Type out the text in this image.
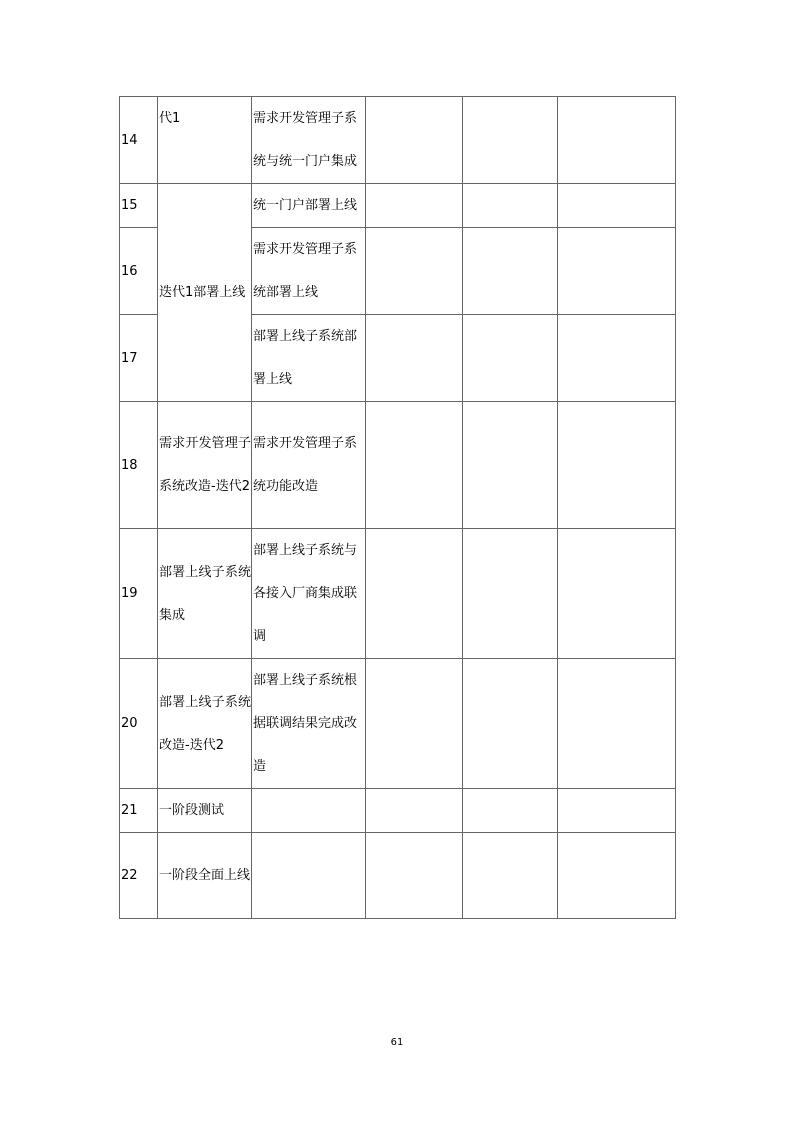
14	代1	需求开发管理子系统与统一门户集成			
15	迭代1部署上线	统一门户部署上线			
16		需求开发管理子系统部署上线			
17		部署上线子系统部署上线			
18	需求开发管理子系统改造-迭代2	需求开发管理子系统功能改造			
19	部署上线子系统集成	部署上线子系统与各接入厂商集成联调			
20	部署上线子系统改造-迭代2	部署上线子系统根据联调结果完成改造			
21	一阶段测试				
22	一阶段全面上线				
61
